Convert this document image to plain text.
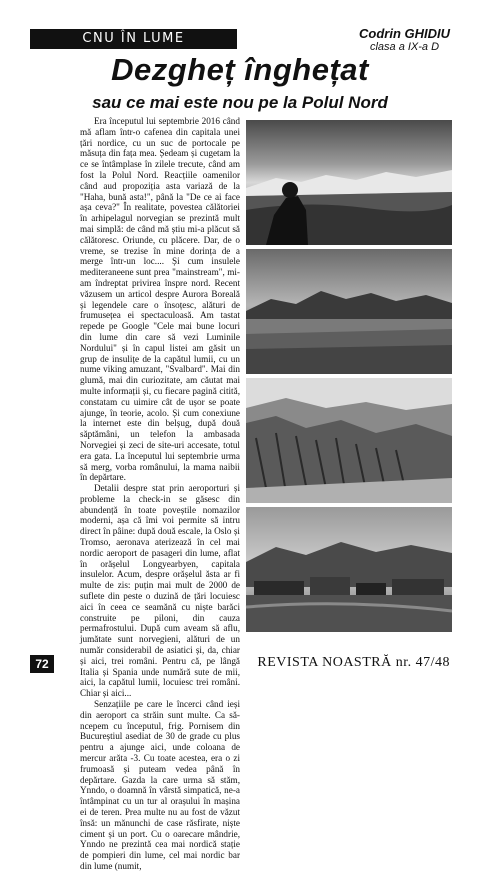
CNU ÎN LUME	Codrin GHIDIU
clasa a IX-a D
Dezgheț înghețat
sau ce mai este nou pe la Polul Nord

Era începutul lui septembrie 2016 când mă aflam într-o cafenea din capitala unei țări nordice, cu un suc de portocale pe măsuța din fața mea. Ședeam și cugetam la ce se întâmplase în zilele trecute, când am fost la Polul Nord. Reacțiile oamenilor când aud propoziția asta variază de la "Haha, bună asta!", până la "De ce ai face așa ceva?" În realitate, povestea călătoriei în arhipelagul norvegian se prezintă mult mai simplă: de când mă știu mi-a plăcut să călătoresc. Oriunde, cu plăcere. Dar, de o vreme, se trezise în mine dorința de a merge într-un loc.... Și cum insulele mediteraneene sunt prea "mainstream", mi-am îndreptat privirea înspre nord. Recent văzusem un articol despre Aurora Boreală și legendele care o însoțesc, alături de frumusețea ei spectaculoasă. Am tastat repede pe Google "Cele mai bune locuri din lume din care să vezi Luminile Nordului" și în capul listei am găsit un grup de insulițe de la capătul lumii, cu un nume viking amuzant, "Svalbard". Mai din glumă, mai din curiozitate, am căutat mai multe informații și, cu fiecare pagină citită, constatam cu uimire cât de ușor se poate ajunge, în teorie, acolo. Și cum conexiune la internet este din belșug, după două săptămâni, un telefon la ambasada Norvegiei și zeci de site-uri accesate, totul era gata. La începutul lui septembrie urma să merg, vorba românului, la mama naibii în depărtare.

Detalii despre stat prin aeroporturi și probleme la check-in se găsesc din abundență în toate poveștile nomazilor moderni, așa că îmi voi permite să intru direct în pâine: după două escale, la Oslo și Tromso, aeronava aterizează în cel mai nordic aeroport de pasageri din lume, aflat în orășelul Longyearbyen, capitala insulelor. Acum, despre orășelul ăsta ar fi multe de zis: puțin mai mult de 2000 de suflete din peste o duzină de țări locuiesc aici în ceea ce seamănă cu niște barăci construite pe piloni, din cauza permafrostului. După cum aveam să aflu, jumătate sunt norvegieni, alături de un număr considerabil de asiatici și, da, chiar și aici, trei români. Pentru că, pe lângă Italia și Spania unde numără sute de mii, aici, la capătul lumii, locuiesc trei români. Chiar și aici...

Senzațiile pe care le încerci când ieși din aeroport ca străin sunt multe. Ca să-ncepem cu începutul, frig. Pornisem din Bucureștiul asediat de 30 de grade cu plus pentru a ajunge aici, unde coloana de mercur arăta -3. Cu toate acestea, era o zi frumoasă și puteam vedea până în depărtare. Gazda la care urma să stăm, Ynndo, o doamnă în vârstă simpatică, ne-a întâmpinat cu un tur al orașului în mașina ei de teren. Prea multe nu au fost de văzut însă: un mănunchi de case răsfirate, niște ciment și un port. Cu o oarecare mândrie, Ynndo ne prezintă cea mai nordică stație de pompieri din lume, cel mai nordic bar din lume (numit,

72	REVISTA NOASTRĂ nr. 47/48
